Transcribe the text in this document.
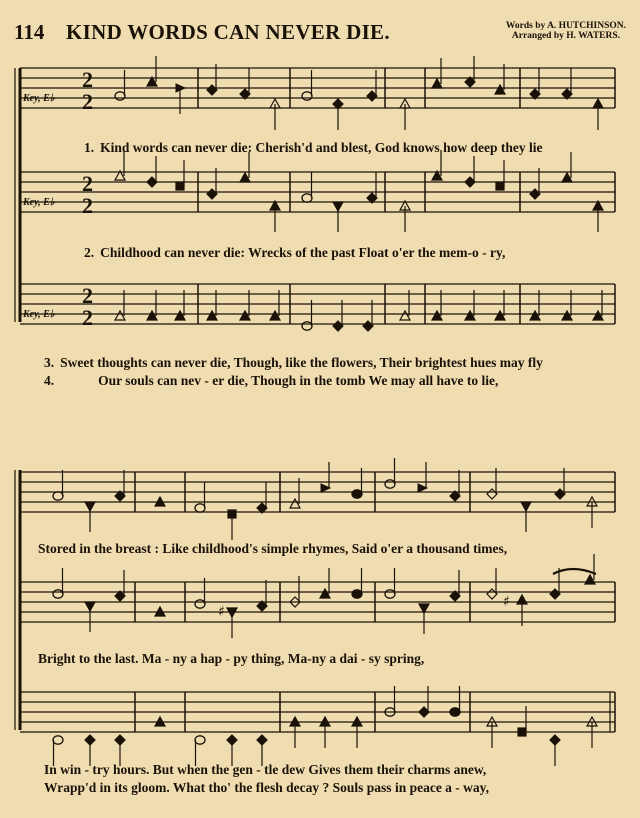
114 KIND WORDS CAN NEVER DIE.	Words by A. HUTCHINSON.
Arranged by H. WATERS.
Key, E♭
2
2
Key, E♭
2
2
Key, E♭
2
2
♯
♯
1. Kind words can never die: Cherish'd and blest, God knows how deep they lie
2. Childhood can never die: Wrecks of the past Float o'er the mem-o - ry,
3. Sweet thoughts can never die, Though, like the flowers, Their brightest hues may fly
4.	Our souls can nev - er die, Though in the tomb We may all have to lie,
Stored in the breast : Like childhood's simple rhymes, Said o'er a thousand times,
Bright to the last. Ma - ny a hap - py thing, Ma-ny a dai - sy spring,
In win - try hours. But when the gen - tle dew Gives them their charms anew,
Wrapp'd in its gloom. What tho' the flesh decay ? Souls pass in peace a - way,
